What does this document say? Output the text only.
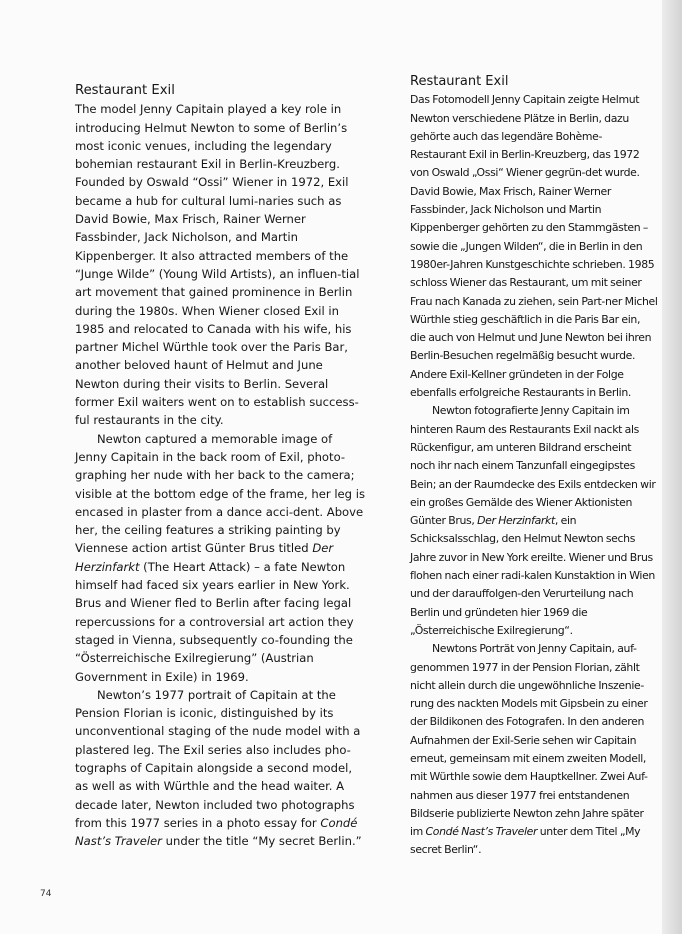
Restaurant Exil

The model Jenny Capitain played a key role in introducing Helmut Newton to some of Berlin’s most iconic venues, including the legendary bohemian restaurant Exil in Berlin-Kreuzberg. Founded by Oswald “Ossi” Wiener in 1972, Exil became a hub for cultural lumi-naries such as David Bowie, Max Frisch, Rainer Werner Fassbinder, Jack Nicholson, and Martin Kippenberger. It also attracted members of the “Junge Wilde” (Young Wild Artists), an influen-tial art movement that gained prominence in Berlin during the 1980s. When Wiener closed Exil in 1985 and relocated to Canada with his wife, his partner Michel Würthle took over the Paris Bar, another beloved haunt of Helmut and June Newton during their visits to Berlin. Several former Exil waiters went on to establish success-ful restaurants in the city.

Newton captured a memorable image of Jenny Capitain in the back room of Exil, photo-graphing her nude with her back to the camera; visible at the bottom edge of the frame, her leg is encased in plaster from a dance acci-dent. Above her, the ceiling features a striking painting by Viennese action artist Günter Brus titled Der Herzinfarkt (The Heart Attack) – a fate Newton himself had faced six years earlier in New York. Brus and Wiener fled to Berlin after facing legal repercussions for a controversial art action they staged in Vienna, subsequently co-founding the “Österreichische Exilregierung” (Austrian Government in Exile) in 1969.

Newton’s 1977 portrait of Capitain at the Pension Florian is iconic, distinguished by its unconventional staging of the nude model with a plastered leg. The Exil series also includes pho-tographs of Capitain alongside a second model, as well as with Würthle and the head waiter. A decade later, Newton included two photographs from this 1977 series in a photo essay for Condé Nast’s Traveler under the title “My secret Berlin.”

Restaurant Exil

Das Fotomodell Jenny Capitain zeigte Helmut Newton verschiedene Plätze in Berlin, dazu gehörte auch das legendäre Bohème-Restaurant Exil in Berlin-Kreuzberg, das 1972 von Oswald „Ossi“ Wiener gegrün-det wurde. David Bowie, Max Frisch, Rainer Werner Fassbinder, Jack Nicholson und Martin Kippenberger gehörten zu den Stammgästen – sowie die „Jungen Wilden“, die in Berlin in den 1980er-Jahren Kunstgeschichte schrieben. 1985 schloss Wiener das Restaurant, um mit seiner Frau nach Kanada zu ziehen, sein Part-ner Michel Würthle stieg geschäftlich in die Paris Bar ein, die auch von Helmut und June Newton bei ihren Berlin-Besuchen regelmäßig besucht wurde. Andere Exil-Kellner gründeten in der Folge ebenfalls erfolgreiche Restaurants in Berlin.

Newton fotografierte Jenny Capitain im hinteren Raum des Restaurants Exil nackt als Rückenfigur, am unteren Bildrand erscheint noch ihr nach einem Tanzunfall eingegipstes Bein; an der Raumdecke des Exils entdecken wir ein großes Gemälde des Wiener Aktionisten Günter Brus, Der Herzinfarkt, ein Schicksalsschlag, den Helmut Newton sechs Jahre zuvor in New York ereilte. Wiener und Brus flohen nach einer radi-kalen Kunstaktion in Wien und der darauffolgen-den Verurteilung nach Berlin und gründeten hier 1969 die „Österreichische Exilregierung“.

Newtons Porträt von Jenny Capitain, auf-genommen 1977 in der Pension Florian, zählt nicht allein durch die ungewöhnliche Inszenie-rung des nackten Models mit Gipsbein zu einer der Bildikonen des Fotografen. In den anderen Aufnahmen der Exil-Serie sehen wir Capitain erneut, gemeinsam mit einem zweiten Modell, mit Würthle sowie dem Hauptkellner. Zwei Auf-nahmen aus dieser 1977 frei entstandenen Bildserie publizierte Newton zehn Jahre später im Condé Nast’s Traveler unter dem Titel „My secret Berlin“.

74
